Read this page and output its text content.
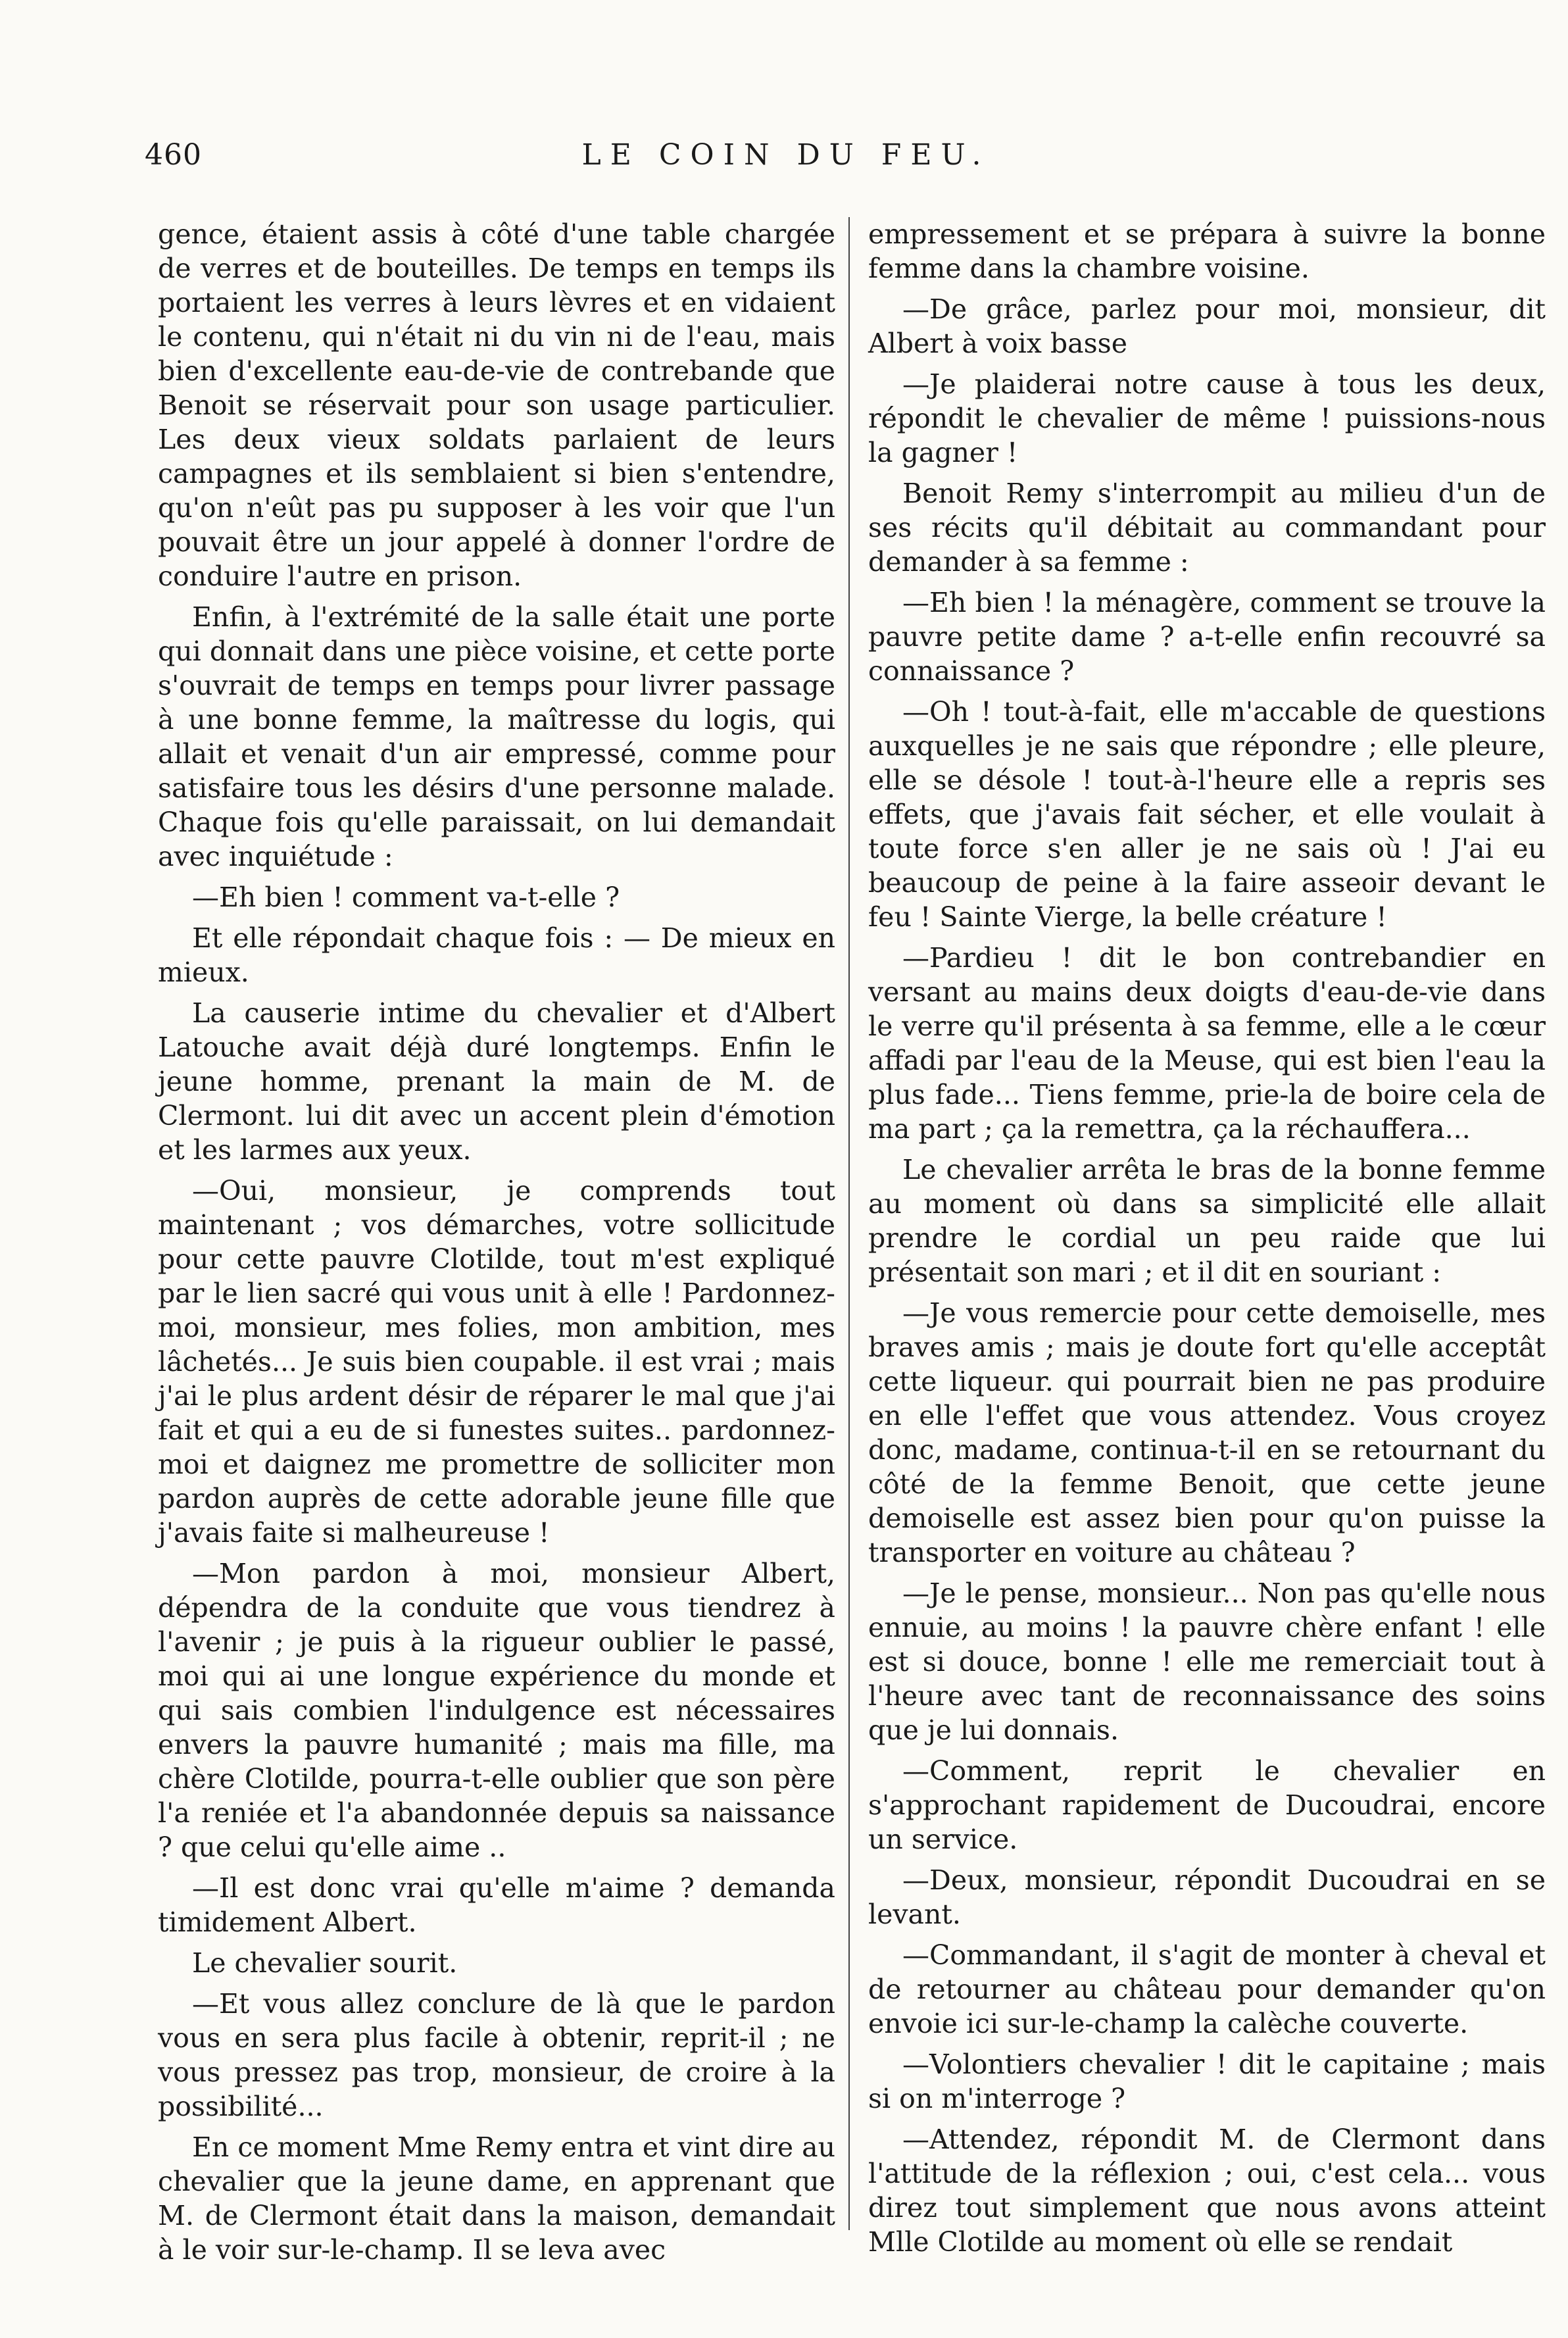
460	LE COIN DU FEU.

gence, étaient assis à côté d'une table chargée de verres et de bouteilles. De temps en temps ils portaient les verres à leurs lèvres et en vidaient le contenu, qui n'était ni du vin ni de l'eau, mais bien d'excellente eau-de-vie de contrebande que Benoit se réservait pour son usage particulier. Les deux vieux soldats parlaient de leurs campagnes et ils semblaient si bien s'entendre, qu'on n'eût pas pu supposer à les voir que l'un pouvait être un jour appelé à donner l'ordre de conduire l'autre en prison.

Enfin, à l'extrémité de la salle était une porte qui donnait dans une pièce voisine, et cette porte s'ouvrait de temps en temps pour livrer passage à une bonne femme, la maîtresse du logis, qui allait et venait d'un air empressé, comme pour satisfaire tous les désirs d'une personne malade. Chaque fois qu'elle paraissait, on lui demandait avec inquiétude :

—Eh bien ! comment va-t-elle ?

Et elle répondait chaque fois : — De mieux en mieux.

La causerie intime du chevalier et d'Albert Latouche avait déjà duré longtemps. Enfin le jeune homme, prenant la main de M. de Clermont. lui dit avec un accent plein d'émotion et les larmes aux yeux.

—Oui, monsieur, je comprends tout maintenant ; vos démarches, votre sollicitude pour cette pauvre Clotilde, tout m'est expliqué par le lien sacré qui vous unit à elle ! Pardonnez-moi, monsieur, mes folies, mon ambition, mes lâchetés... Je suis bien coupable. il est vrai ; mais j'ai le plus ardent désir de réparer le mal que j'ai fait et qui a eu de si funestes suites.. pardonnez-moi et daignez me promettre de solliciter mon pardon auprès de cette adorable jeune fille que j'avais faite si malheureuse !

—Mon pardon à moi, monsieur Albert, dépendra de la conduite que vous tiendrez à l'avenir ; je puis à la rigueur oublier le passé, moi qui ai une longue expérience du monde et qui sais combien l'indulgence est nécessaires envers la pauvre humanité ; mais ma fille, ma chère Clotilde, pourra-t-elle oublier que son père l'a reniée et l'a abandonnée depuis sa naissance ? que celui qu'elle aime ..

—Il est donc vrai qu'elle m'aime ? demanda timidement Albert.

Le chevalier sourit.

—Et vous allez conclure de là que le pardon vous en sera plus facile à obtenir, reprit-il ; ne vous pressez pas trop, monsieur, de croire à la possibilité...

En ce moment Mme Remy entra et vint dire au chevalier que la jeune dame, en apprenant que M. de Clermont était dans la maison, demandait à le voir sur-le-champ. Il se leva avec

empressement et se prépara à suivre la bonne femme dans la chambre voisine.

—De grâce, parlez pour moi, monsieur, dit Albert à voix basse

—Je plaiderai notre cause à tous les deux, répondit le chevalier de même ! puissions-nous la gagner !

Benoit Remy s'interrompit au milieu d'un de ses récits qu'il débitait au commandant pour demander à sa femme :

—Eh bien ! la ménagère, comment se trouve la pauvre petite dame ? a-t-elle enfin recouvré sa connaissance ?

—Oh ! tout-à-fait, elle m'accable de questions auxquelles je ne sais que répondre ; elle pleure, elle se désole ! tout-à-l'heure elle a repris ses effets, que j'avais fait sécher, et elle voulait à toute force s'en aller je ne sais où ! J'ai eu beaucoup de peine à la faire asseoir devant le feu ! Sainte Vierge, la belle créature !

—Pardieu ! dit le bon contrebandier en versant au mains deux doigts d'eau-de-vie dans le verre qu'il présenta à sa femme, elle a le cœur affadi par l'eau de la Meuse, qui est bien l'eau la plus fade... Tiens femme, prie-la de boire cela de ma part ; ça la remettra, ça la réchauffera...

Le chevalier arrêta le bras de la bonne femme au moment où dans sa simplicité elle allait prendre le cordial un peu raide que lui présentait son mari ; et il dit en souriant :

—Je vous remercie pour cette demoiselle, mes braves amis ; mais je doute fort qu'elle acceptât cette liqueur. qui pourrait bien ne pas produire en elle l'effet que vous attendez. Vous croyez donc, madame, continua-t-il en se retournant du côté de la femme Benoit, que cette jeune demoiselle est assez bien pour qu'on puisse la transporter en voiture au château ?

—Je le pense, monsieur... Non pas qu'elle nous ennuie, au moins ! la pauvre chère enfant ! elle est si douce, bonne ! elle me remerciait tout à l'heure avec tant de reconnaissance des soins que je lui donnais.

—Comment, reprit le chevalier en s'approchant rapidement de Ducoudrai, encore un service.

—Deux, monsieur, répondit Ducoudrai en se levant.

—Commandant, il s'agit de monter à cheval et de retourner au château pour demander qu'on envoie ici sur-le-champ la calèche couverte.

—Volontiers chevalier ! dit le capitaine ; mais si on m'interroge ?

—Attendez, répondit M. de Clermont dans l'attitude de la réflexion ; oui, c'est cela... vous direz tout simplement que nous avons atteint Mlle Clotilde au moment où elle se rendait
